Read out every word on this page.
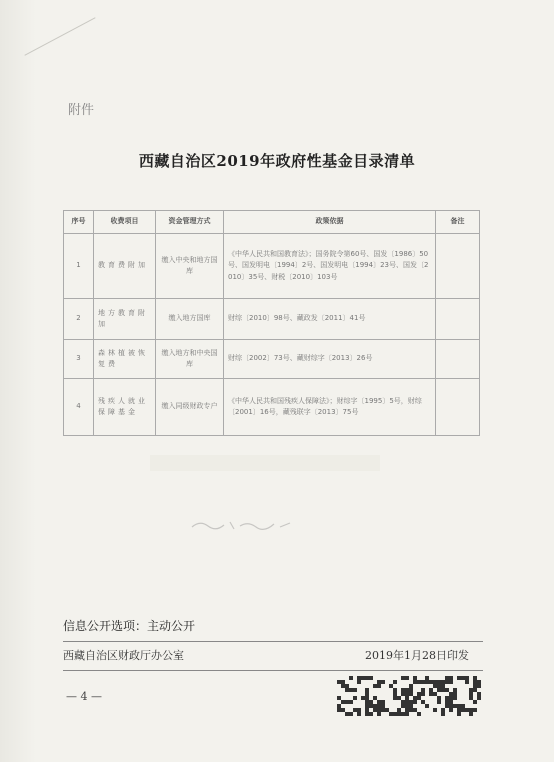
附件
西藏自治区2019年政府性基金目录清单
序号	收费项目	资金管理方式	政策依据	备注
1	教育费附加	缴入中央和地方国库	《中华人民共和国教育法》；国务院令第60号、国发〔1986〕50号、国发明电〔1994〕2号、国发明电〔1994〕23号、国发〔2010〕35号、财税〔2010〕103号	
2	地方教育附加	缴入地方国库	财综〔2010〕98号、藏政发〔2011〕41号	
3	森林植被恢复费	缴入地方和中央国库	财综〔2002〕73号、藏财综字〔2013〕26号	
4	残疾人就业保障基金	缴入同级财政专户	《中华人民共和国残疾人保障法》；财综字〔1995〕5号，财综〔2001〕16号，藏残联字〔2013〕75号	
信息公开选项：主动公开
西藏自治区财政厅办公室	2019年1月28日印发
— 4 —
